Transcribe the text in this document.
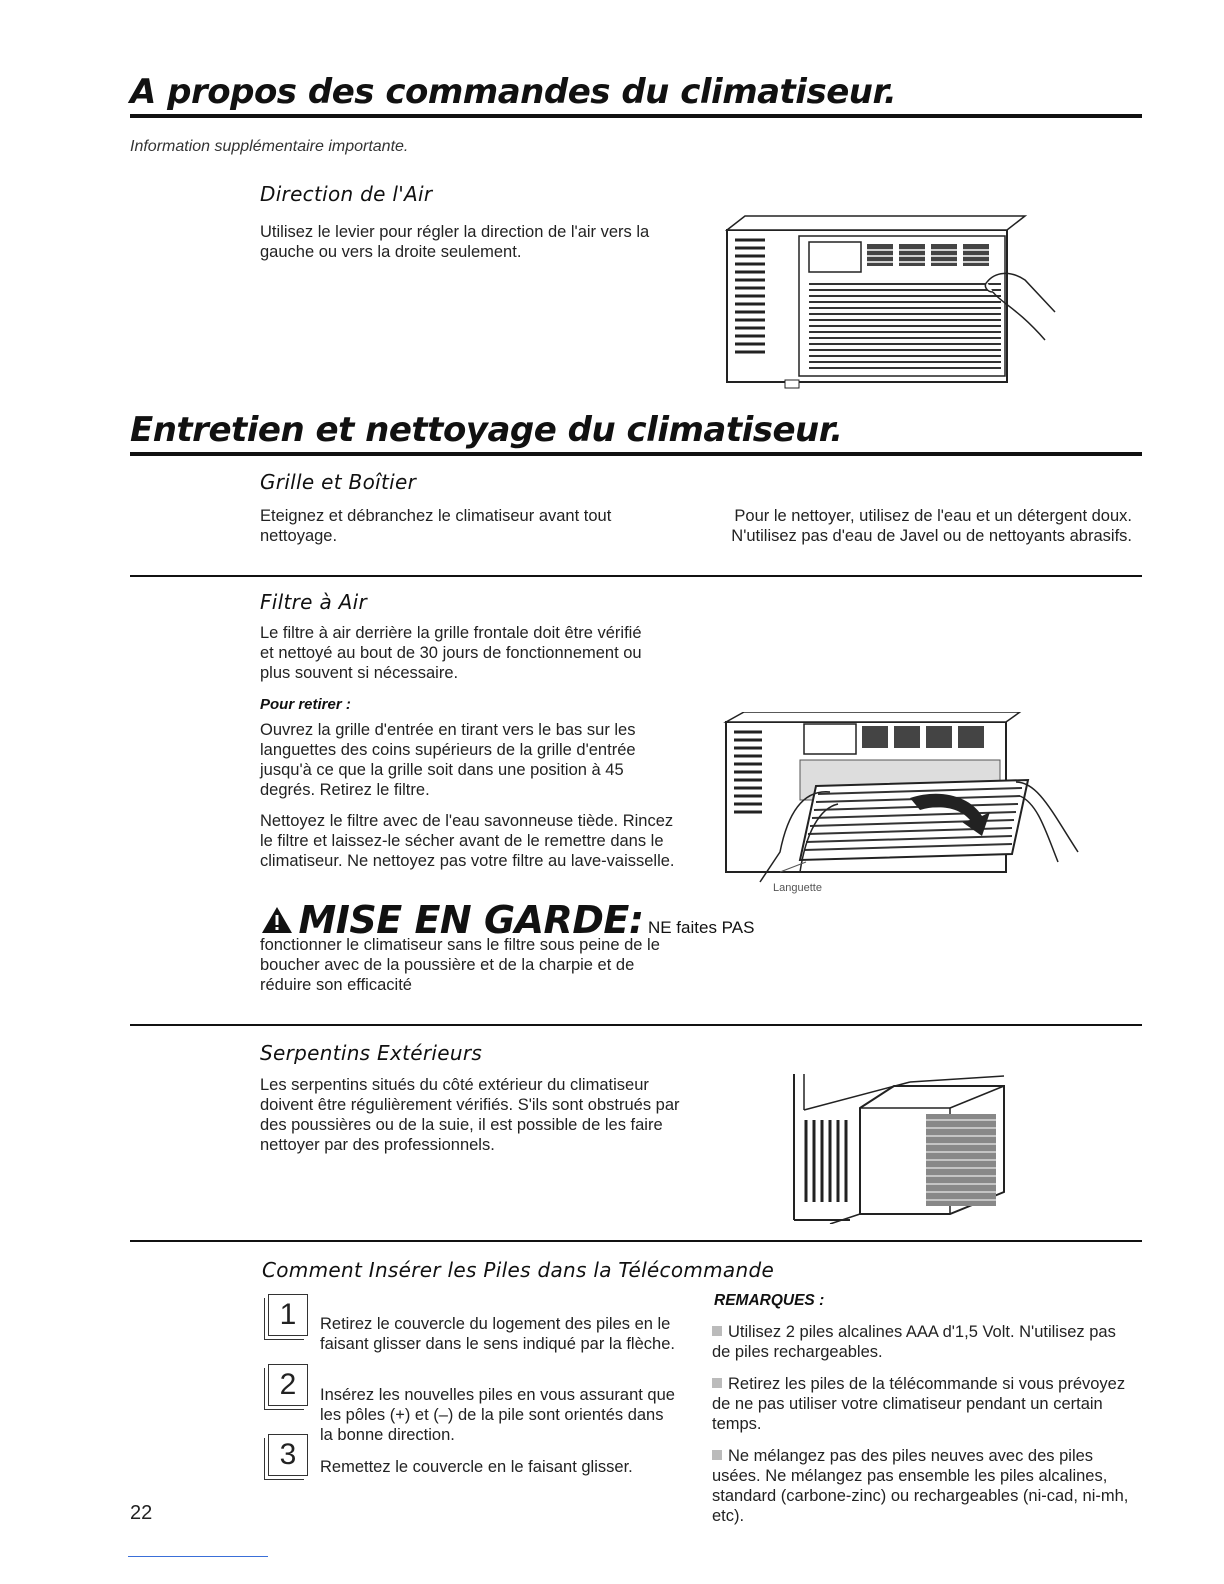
A propos des commandes du climatiseur.
Information supplémentaire importante.
Direction de l'Air
Utilisez le levier pour régler la direction de l'air vers la gauche ou vers la droite seulement.
Entretien et nettoyage du climatiseur.
Grille et Boîtier
Eteignez et débranchez le climatiseur avant tout nettoyage.
Pour le nettoyer, utilisez de l'eau et un détergent doux.
N'utilisez pas d'eau de Javel ou de nettoyants abrasifs.
Filtre à Air
Le filtre à air derrière la grille frontale doit être vérifié et nettoyé au bout de 30 jours de fonctionnement ou plus souvent si nécessaire.
Pour retirer :
Ouvrez la grille d'entrée en tirant vers le bas sur les languettes des coins supérieurs de la grille d'entrée jusqu'à ce que la grille soit dans une position à 45 degrés. Retirez le filtre.
Nettoyez le filtre avec de l'eau savonneuse tiède. Rincez le filtre et laissez-le sécher avant de le remettre dans le climatiseur. Ne nettoyez pas votre filtre au lave-vaisselle.
MISE EN GARDE: NE faites PAS
fonctionner le climatiseur sans le filtre sous peine de le boucher avec de la poussière et de la charpie et de réduire son efficacité
Languette
Serpentins Extérieurs
Les serpentins situés du côté extérieur du climatiseur doivent être régulièrement vérifiés. S'ils sont obstrués par des poussières ou de la suie, il est possible de les faire nettoyer par des professionnels.
Comment Insérer les Piles dans la Télécommande
1	Retirez le couvercle du logement des piles en le faisant glisser dans le sens indiqué par la flèche.
2	Insérez les nouvelles piles en vous assurant que les pôles (+) et (–) de la pile sont orientés dans la bonne direction.
3	Remettez le couvercle en le faisant glisser.
REMARQUES :

Utilisez 2 piles alcalines AAA d'1,5 Volt. N'utilisez pas de piles rechargeables.

Retirez les piles de la télécommande si vous prévoyez de ne pas utiliser votre climatiseur pendant un certain temps.

Ne mélangez pas des piles neuves avec des piles usées. Ne mélangez pas ensemble les piles alcalines, standard (carbone-zinc) ou rechargeables (ni-cad, ni-mh, etc).

22
